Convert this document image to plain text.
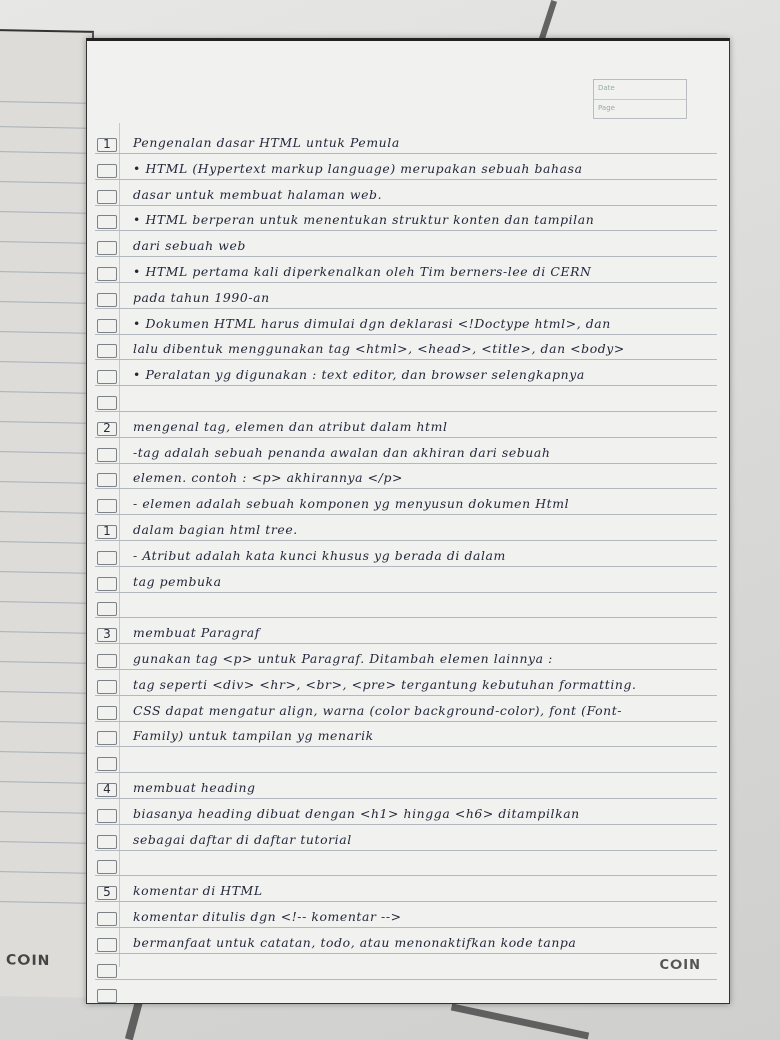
CⵔIN
Date
Page
1	Pengenalan dasar HTML untuk Pemula
• HTML (Hypertext markup language) merupakan sebuah bahasa
dasar untuk membuat halaman web.
• HTML berperan untuk menentukan struktur konten dan tampilan
dari sebuah web
• HTML pertama kali diperkenalkan oleh Tim berners-lee di CERN
pada tahun 1990-an
• Dokumen HTML harus dimulai dgn deklarasi <!Doctype html>, dan
lalu dibentuk menggunakan tag <html>, <head>, <title>, dan <body>
• Peralatan yg digunakan : text editor, dan browser selengkapnya
2	mengenal tag, elemen dan atribut dalam html
-tag adalah sebuah penanda awalan dan akhiran dari sebuah
elemen. contoh : <p> akhirannya </p>
- elemen adalah sebuah komponen yg menyusun dokumen Html
dalam bagian html tree.
- Atribut adalah kata kunci khusus yg berada di dalam
tag pembuka
3	membuat Paragraf
gunakan tag <p> untuk Paragraf. Ditambah elemen lainnya :
tag seperti <div> <hr>, <br>, <pre> tergantung kebutuhan formatting.
CSS dapat mengatur align, warna (color background-color), font (Font-
Family) untuk tampilan yg menarik
4	membuat heading
biasanya heading dibuat dengan <h1> hingga <h6> ditampilkan
sebagai daftar di daftar tutorial
5	komentar di HTML
komentar ditulis dgn <!-- komentar -->
bermanfaat untuk catatan, todo, atau menonaktifkan kode tanpa
1
CⵔIN
